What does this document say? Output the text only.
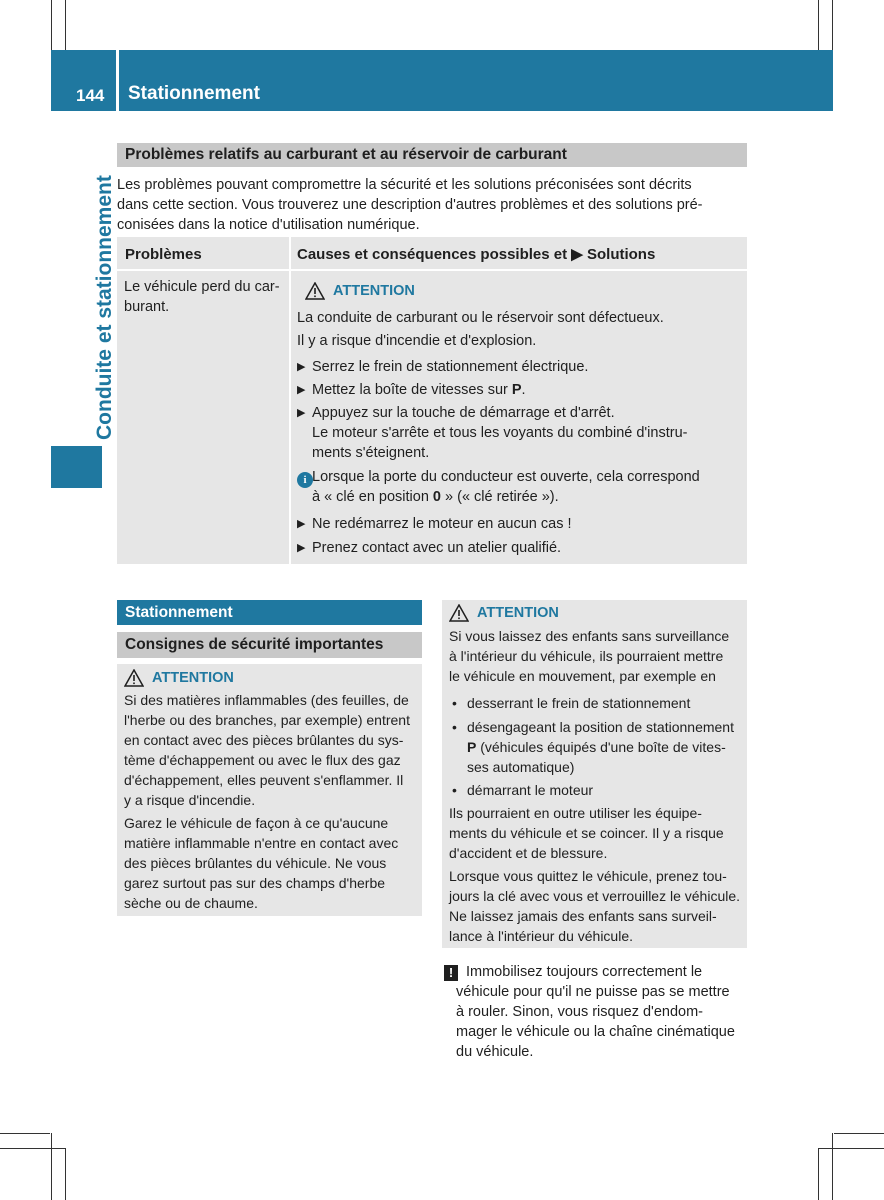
144 Stationnement
Conduite et stationnement
Problèmes relatifs au carburant et au réservoir de carburant

Les problèmes pouvant compromettre la sécurité et les solutions préconisées sont décrits

dans cette section. Vous trouverez une description d'autres problèmes et des solutions pré-

conisées dans la notice d'utilisation numérique.

Problèmes	Causes et conséquences possibles et ▶ Solutions

Le véhicule perd du car-

burant.

ATTENTION

La conduite de carburant ou le réservoir sont défectueux.

Il y a risque d'incendie et d'explosion.

▶ Serrez le frein de stationnement électrique.
▶ Mettez la boîte de vitesses sur P.
▶ Appuyez sur la touche de démarrage et d'arrêt.
Le moteur s'arrête et tous les voyants du combiné d'instru-
ments s'éteignent.
i Lorsque la porte du conducteur est ouverte, cela correspond
à « clé en position 0 » (« clé retirée »).
▶ Ne redémarrez le moteur en aucun cas !
▶ Prenez contact avec un atelier qualifié.
Stationnement
Consignes de sécurité importantes
ATTENTION

Si des matières inflammables (des feuilles, de

l'herbe ou des branches, par exemple) entrent

en contact avec des pièces brûlantes du sys-

tème d'échappement ou avec le flux des gaz

d'échappement, elles peuvent s'enflammer. Il

y a risque d'incendie.

Garez le véhicule de façon à ce qu'aucune

matière inflammable n'entre en contact avec

des pièces brûlantes du véhicule. Ne vous

garez surtout pas sur des champs d'herbe

sèche ou de chaume.

ATTENTION

Si vous laissez des enfants sans surveillance

à l'intérieur du véhicule, ils pourraient mettre

le véhicule en mouvement, par exemple en

• desserrant le frein de stationnement
• désengageant la position de stationnement
P (véhicules équipés d'une boîte de vites-
ses automatique)
• démarrant le moteur

Ils pourraient en outre utiliser les équipe-

ments du véhicule et se coincer. Il y a risque

d'accident et de blessure.

Lorsque vous quittez le véhicule, prenez tou-

jours la clé avec vous et verrouillez le véhicule.

Ne laissez jamais des enfants sans surveil-

lance à l'intérieur du véhicule.

! Immobilisez toujours correctement le
véhicule pour qu'il ne puisse pas se mettre
à rouler. Sinon, vous risquez d'endom-
mager le véhicule ou la chaîne cinématique
du véhicule.
